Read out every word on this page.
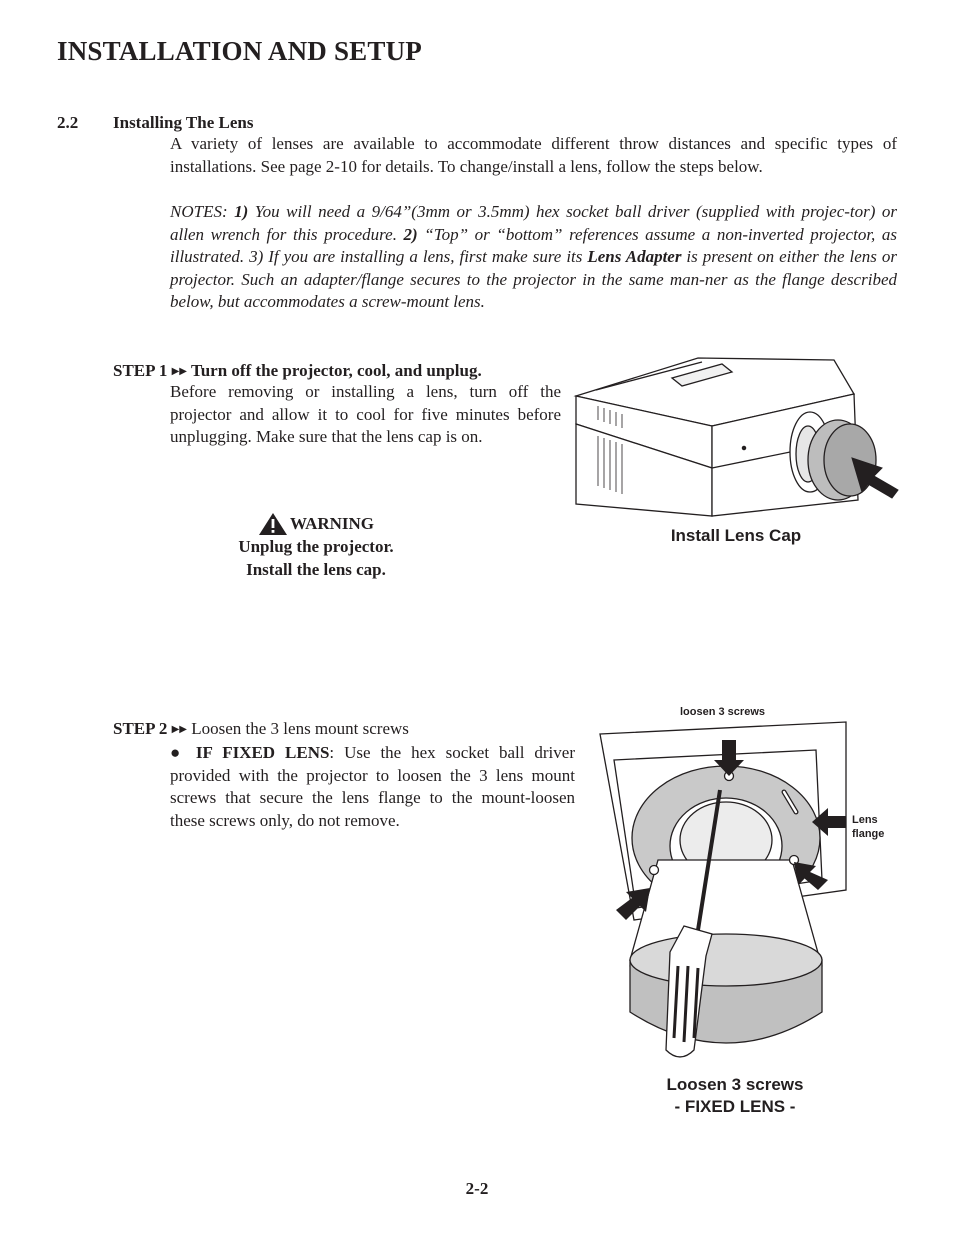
INSTALLATION AND SETUP
2.2 Installing The Lens
A variety of lenses are available to accommodate different throw distances and specific types of installations. See page 2-10 for details. To change/install a lens, follow the steps below.
NOTES: 1) You will need a 9/64”(3mm or 3.5mm) hex socket ball driver (supplied with projec-tor) or allen wrench for this procedure. 2) “Top” or “bottom” references assume a non-inverted projector, as illustrated. 3) If you are installing a lens, first make sure its Lens Adapter is present on either the lens or projector. Such an adapter/flange secures to the projector in the same man-ner as the flange described below, but accommodates a screw-mount lens.
STEP 1 ▶▶ Turn off the projector, cool, and unplug.
Before removing or installing a lens, turn off the projector and allow it to cool for five minutes before unplugging. Make sure that the lens cap is on.
WARNING
Unplug the projector.
Install the lens cap.
Install Lens Cap
STEP 2 ▶▶ Loosen the 3 lens mount screws
● IF FIXED LENS: Use the hex socket ball driver provided with the projector to loosen the 3 lens mount screws that secure the lens flange to the mount-loosen these screws only, do not remove.
loosen 3 screws
Lens
flange
Loosen 3 screws
- FIXED LENS -
2-2
